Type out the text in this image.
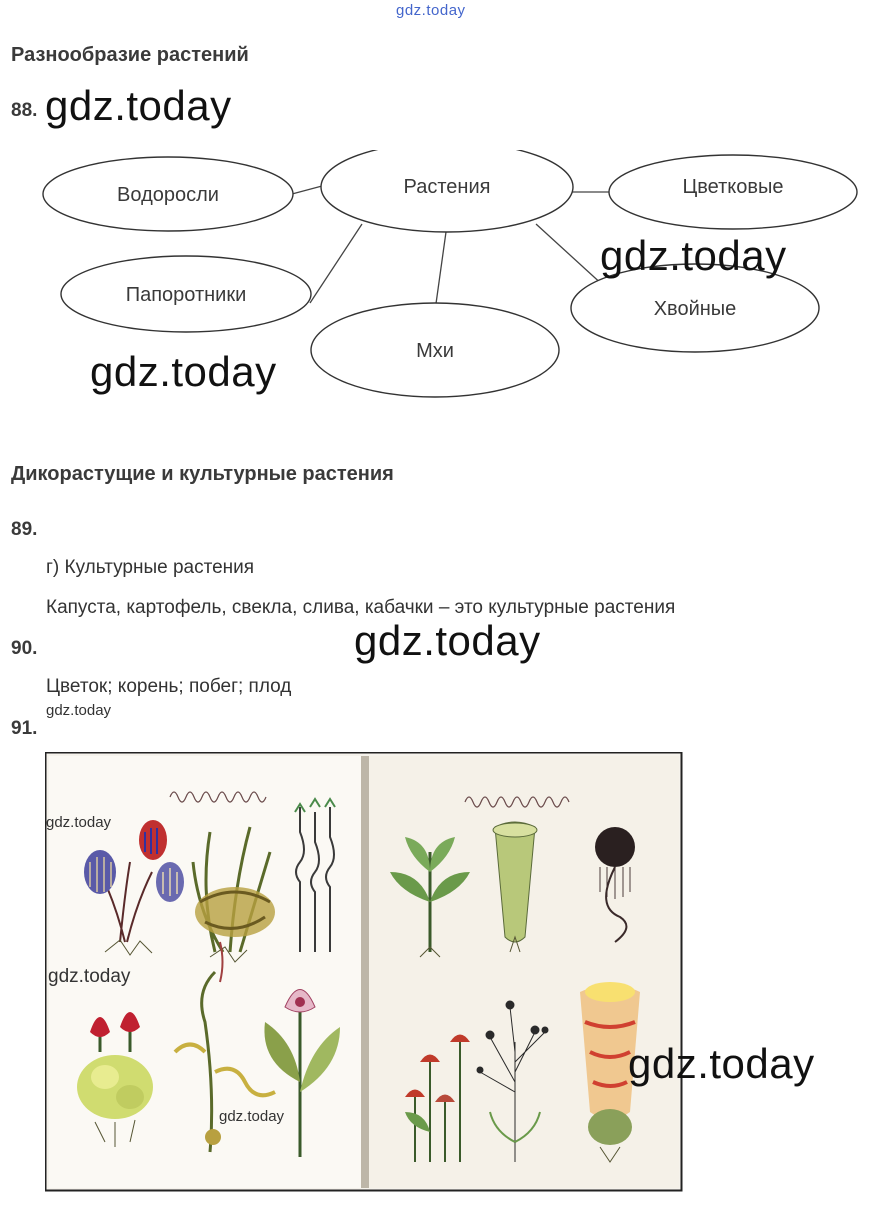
gdz.today
Разнообразие растений
88. gdz.today
Водоросли	Растения	Цветковые
Папоротники
Мхи
Хвойные
gdz.today
gdz.today
Дикорастущие и культурные растения
89.
г) Культурные растения
Капуста, картофель, свекла, слива, кабачки – это культурные растения
gdz.today
90.
Цветок; корень; побег; плод
gdz.today
91.
gdz.today
gdz.today
gdz.today
gdz.today
